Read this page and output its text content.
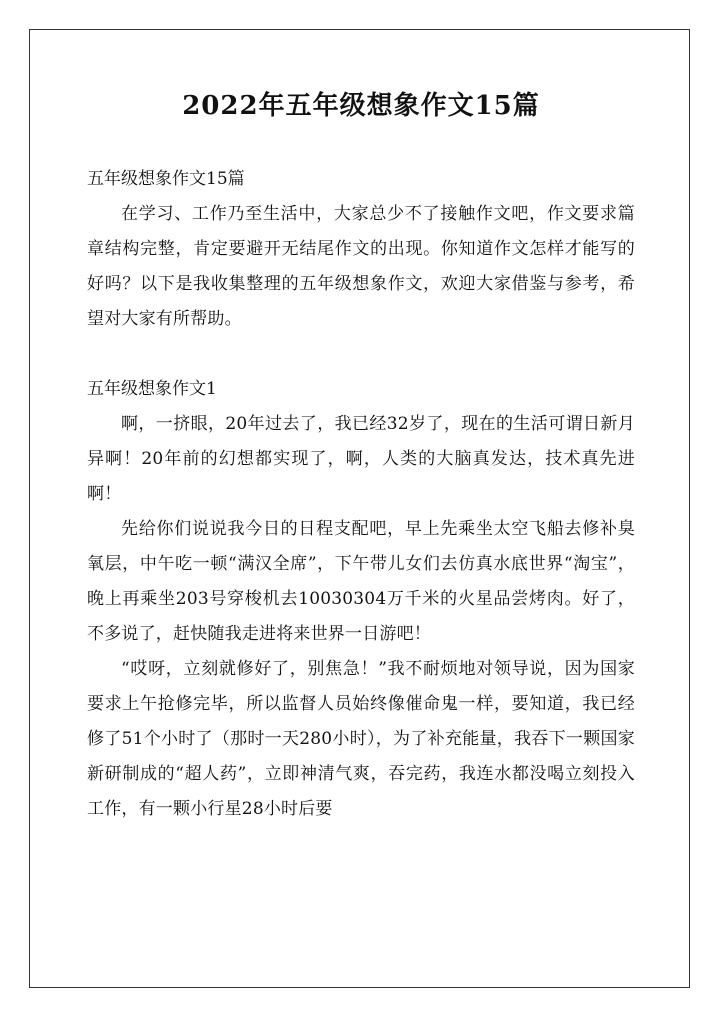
2022年五年级想象作文15篇

五年级想象作文15篇

在学习、工作乃至生活中，大家总少不了接触作文吧，作文要求篇章结构完整，肯定要避开无结尾作文的出现。你知道作文怎样才能写的好吗？以下是我收集整理的五年级想象作文，欢迎大家借鉴与参考，希望对大家有所帮助。

五年级想象作文1

啊，一挤眼，20年过去了，我已经32岁了，现在的生活可谓日新月异啊！20年前的幻想都实现了，啊，人类的大脑真发达，技术真先进啊！

先给你们说说我今日的日程支配吧，早上先乘坐太空飞船去修补臭氧层，中午吃一顿“满汉全席”，下午带儿女们去仿真水底世界“淘宝”，晚上再乘坐203号穿梭机去10030304万千米的火星品尝烤肉。好了，不多说了，赶快随我走进将来世界一日游吧！

“哎呀，立刻就修好了，别焦急！”我不耐烦地对领导说，因为国家要求上午抢修完毕，所以监督人员始终像催命鬼一样，要知道，我已经修了51个小时了（那时一天280小时），为了补充能量，我吞下一颗国家新研制成的“超人药”，立即神清气爽，吞完药，我连水都没喝立刻投入工作，有一颗小行星28小时后要
